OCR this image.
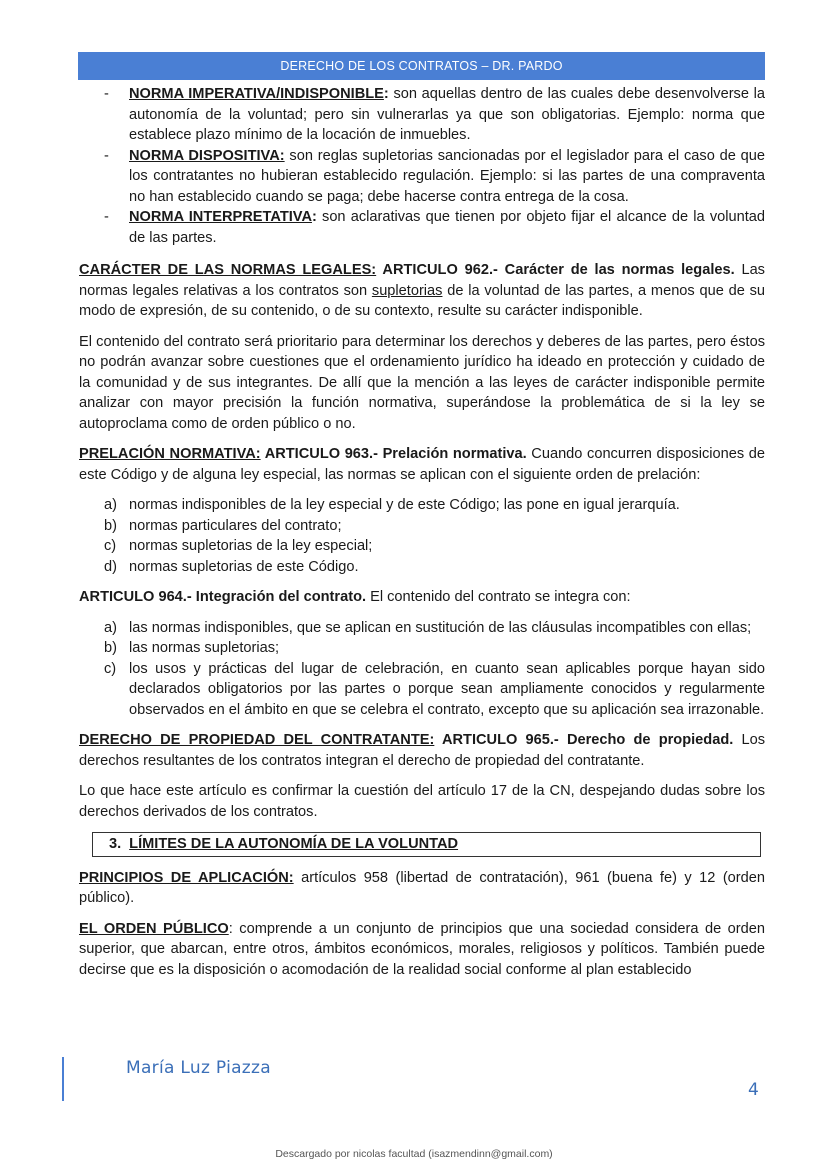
DERECHO DE LOS CONTRATOS – DR. PARDO
- NORMA IMPERATIVA/INDISPONIBLE: son aquellas dentro de las cuales debe desenvolverse la autonomía de la voluntad; pero sin vulnerarlas ya que son obligatorias. Ejemplo: norma que establece plazo mínimo de la locación de inmuebles.
- NORMA DISPOSITIVA: son reglas supletorias sancionadas por el legislador para el caso de que los contratantes no hubieran establecido regulación. Ejemplo: si las partes de una compraventa no han establecido cuando se paga; debe hacerse contra entrega de la cosa.
- NORMA INTERPRETATIVA: son aclarativas que tienen por objeto fijar el alcance de la voluntad de las partes.

CARÁCTER DE LAS NORMAS LEGALES: ARTICULO 962.- Carácter de las normas legales. Las normas legales relativas a los contratos son supletorias de la voluntad de las partes, a menos que de su modo de expresión, de su contenido, o de su contexto, resulte su carácter indisponible.

El contenido del contrato será prioritario para determinar los derechos y deberes de las partes, pero éstos no podrán avanzar sobre cuestiones que el ordenamiento jurídico ha ideado en protección y cuidado de la comunidad y de sus integrantes. De allí que la mención a las leyes de carácter indisponible permite analizar con mayor precisión la función normativa, superándose la problemática de si la ley se autoproclama como de orden público o no.

PRELACIÓN NORMATIVA: ARTICULO 963.- Prelación normativa. Cuando concurren disposiciones de este Código y de alguna ley especial, las normas se aplican con el siguiente orden de prelación:

a) normas indisponibles de la ley especial y de este Código; las pone en igual jerarquía.
b) normas particulares del contrato;
c) normas supletorias de la ley especial;
d) normas supletorias de este Código.

ARTICULO 964.- Integración del contrato. El contenido del contrato se integra con:

a) las normas indisponibles, que se aplican en sustitución de las cláusulas incompatibles con ellas;
b) las normas supletorias;
c) los usos y prácticas del lugar de celebración, en cuanto sean aplicables porque hayan sido declarados obligatorios por las partes o porque sean ampliamente conocidos y regularmente observados en el ámbito en que se celebra el contrato, excepto que su aplicación sea irrazonable.

DERECHO DE PROPIEDAD DEL CONTRATANTE: ARTICULO 965.- Derecho de propiedad. Los derechos resultantes de los contratos integran el derecho de propiedad del contratante.

Lo que hace este artículo es confirmar la cuestión del artículo 17 de la CN, despejando dudas sobre los derechos derivados de los contratos.

3. LÍMITES DE LA AUTONOMÍA DE LA VOLUNTAD

PRINCIPIOS DE APLICACIÓN: artículos 958 (libertad de contratación), 961 (buena fe) y 12 (orden público).

EL ORDEN PÚBLICO: comprende a un conjunto de principios que una sociedad considera de orden superior, que abarcan, entre otros, ámbitos económicos, morales, religiosos y políticos. También puede decirse que es la disposición o acomodación de la realidad social conforme al plan establecido

María Luz Piazza
4
Descargado por nicolas facultad (isazmendinn@gmail.com)
